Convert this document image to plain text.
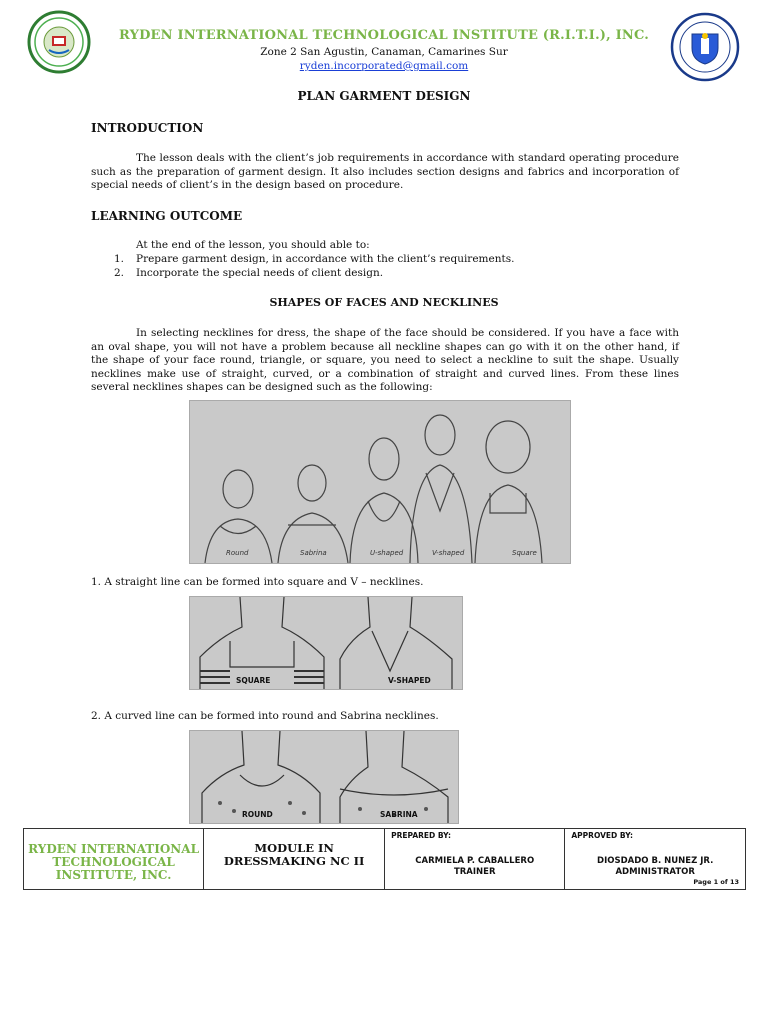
RYDEN INTERNATIONAL TECHNOLOGICAL INSTITUTE (R.I.T.I.), INC.
Zone 2 San Agustin, Canaman, Camarines Sur
ryden.incorporated@gmail.com
PLAN GARMENT DESIGN
INTRODUCTION
The lesson deals with the client’s job requirements in accordance with standard operating procedure such as the preparation of garment design. It also includes section designs and fabrics and incorporation of special needs of client’s in the design based on procedure.
LEARNING OUTCOME
At the end of the lesson, you should able to:
1. Prepare garment design, in accordance with the client’s requirements.
2. Incorporate the special needs of client design.
SHAPES OF FACES AND NECKLINES
In selecting necklines for dress, the shape of the face should be considered. If you have a face with an oval shape, you will not have a problem because all neckline shapes can go with it on the other hand, if the shape of your face round, triangle, or square, you need to select a neckline to suit the shape. Usually necklines make use of straight, curved, or a combination of straight and curved lines. From these lines several necklines shapes can be designed such as the following:
Round	Sabrina	U-shaped	V-shaped	Square
1. A straight line can be formed into square and V – necklines.
SQUARE	V-SHAPED
2. A curved line can be formed into round and Sabrina necklines.
ROUND	SABRINA
RYDEN INTERNATIONAL TECHNOLOGICAL INSTITUTE, INC.	MODULE IN DRESSMAKING NC II	
PREPARED BY:
CARMIELA P. CABALLERO
TRAINER

APPROVED BY:
DIOSDADO B. NUNEZ JR.
ADMINISTRATOR
Page 1 of 13
